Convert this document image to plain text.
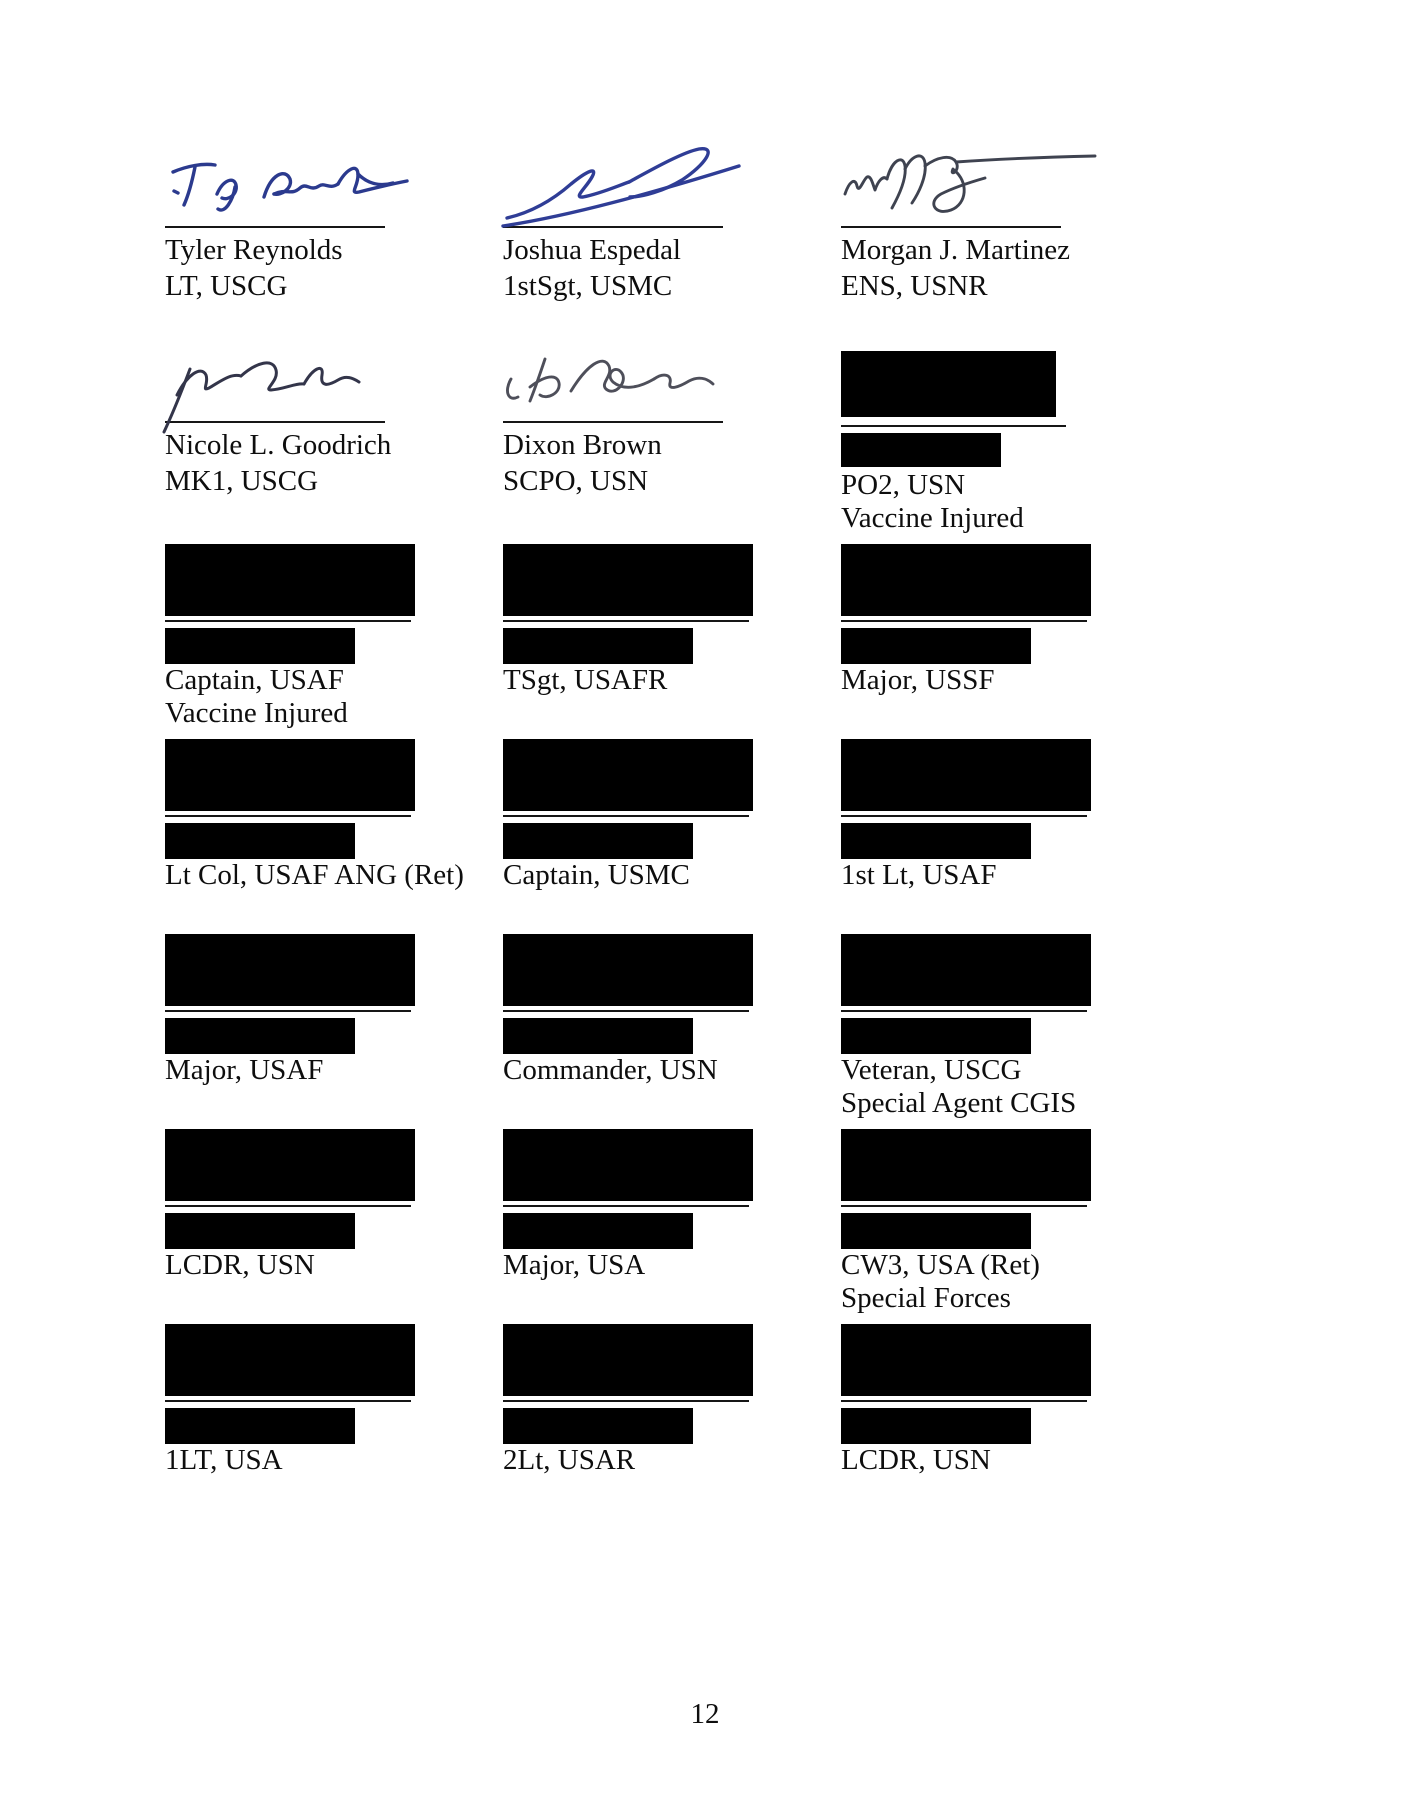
Tyler Reynolds
LT, USCG
Joshua Espedal
1stSgt, USMC
Morgan J. Martinez
ENS, USNR
Nicole L. Goodrich
MK1, USCG
Dixon Brown
SCPO, USN	PO2, USN
Vaccine Injured
Captain, USAF
Vaccine Injured
TSgt, USAFR	Major, USSF
Lt Col, USAF ANG (Ret)	Captain, USMC	1st Lt, USAF
Major, USAF	Commander, USN	Veteran, USCG
Special Agent CGIS
LCDR, USN	Major, USA	CW3, USA (Ret)
Special Forces
1LT, USA	2Lt, USAR	LCDR, USN
12
